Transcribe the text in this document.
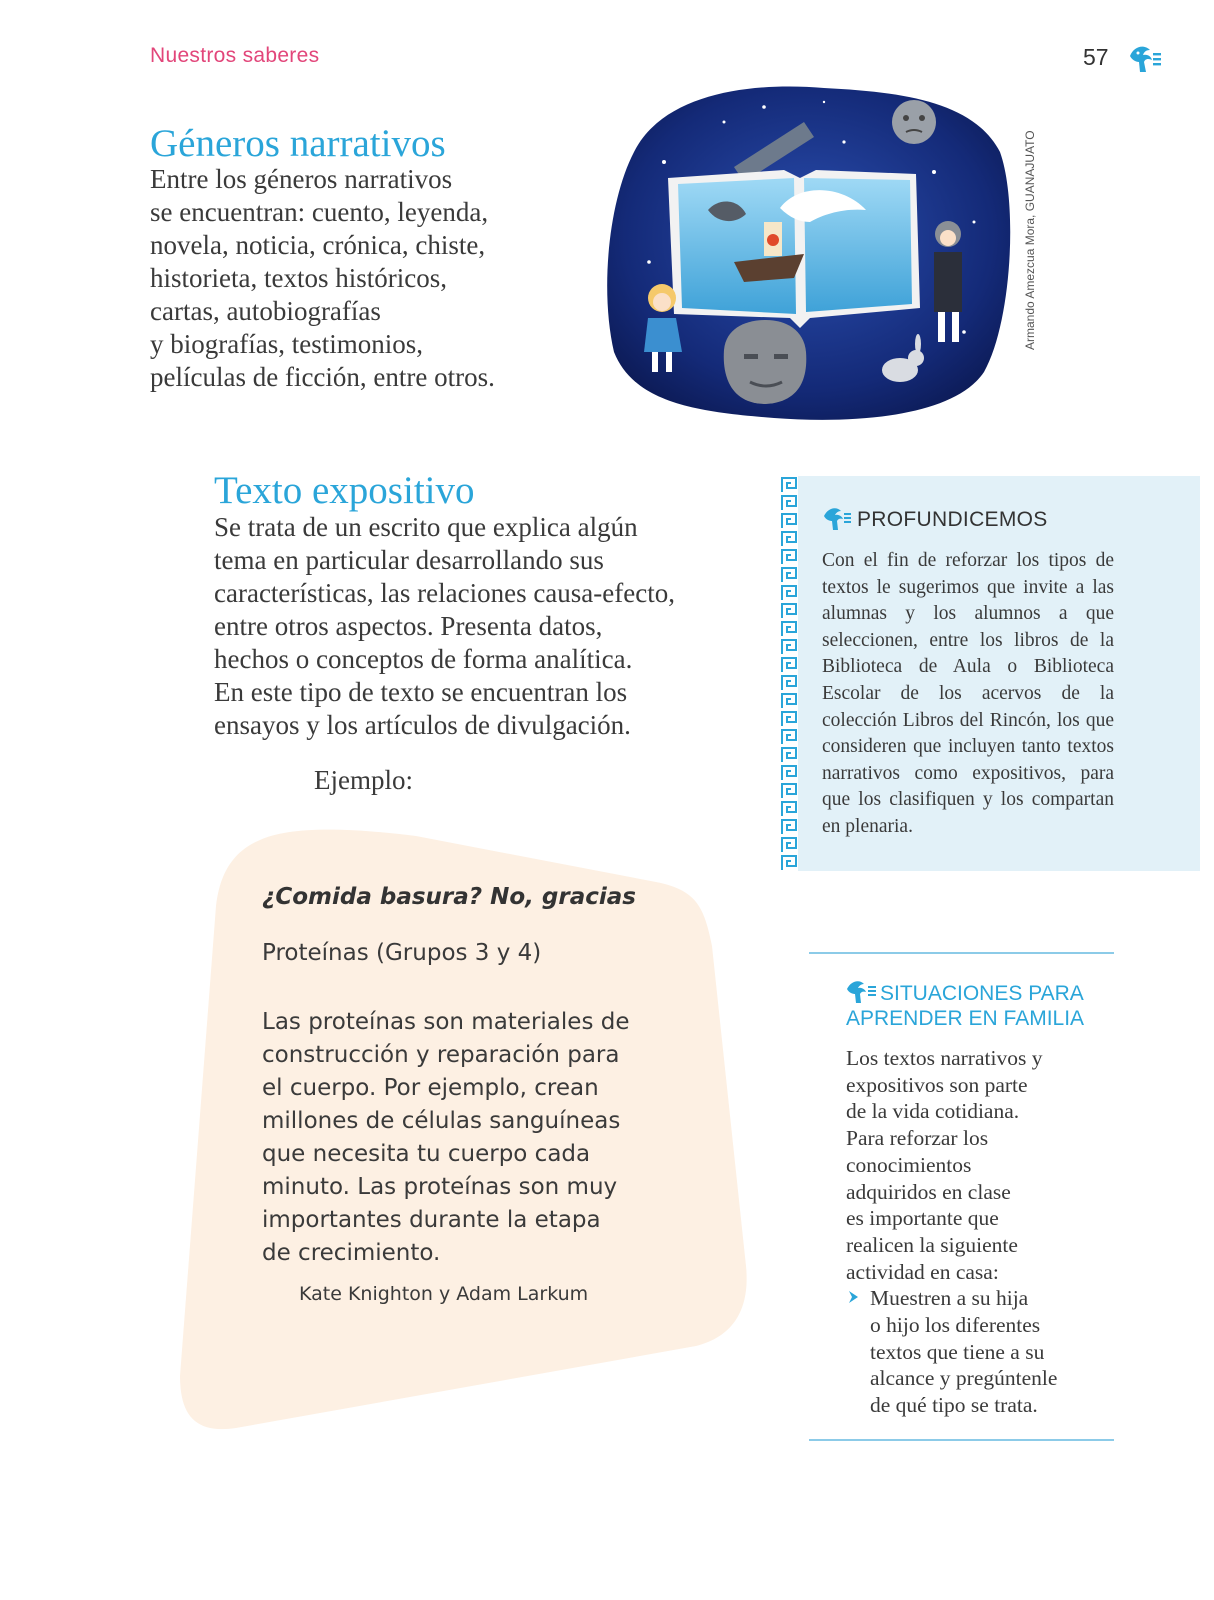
Nuestros saberes	57
Géneros narrativos
Entre los géneros narrativos
se encuentran: cuento, leyenda,
novela, noticia, crónica, chiste,
historieta, textos históricos,
cartas, autobiografías
y biografías, testimonios,
películas de ficción, entre otros.
Armando Amezcua Mora, GUANAJUATO
Texto expositivo
Se trata de un escrito que explica algún
tema en particular desarrollando sus
características, las relaciones causa-efecto,
entre otros aspectos. Presenta datos,
hechos o conceptos de forma analítica.
En este tipo de texto se encuentran los
ensayos y los artículos de divulgación.
Ejemplo:
¿Comida basura? No, gracias
Proteínas (Grupos 3 y 4)
Las proteínas son materiales de
construcción y reparación para
el cuerpo. Por ejemplo, crean
millones de células sanguíneas
que necesita tu cuerpo cada
minuto. Las proteínas son muy
importantes durante la etapa
de crecimiento.
Kate Knighton y Adam Larkum
PROFUNDICEMOS
Con el fin de reforzar los tipos de textos le sugerimos que invite a las alumnas y los alumnos a que seleccionen, entre los libros de la Biblioteca de Aula o Biblioteca Escolar de los acervos de la colección Libros del Rincón, los que consideren que incluyen tanto textos narrativos como expositivos, para que los clasifiquen y los compartan en plenaria.
SITUACIONES PARA APRENDER EN FAMILIA
Los textos narrativos y
expositivos son parte
de la vida cotidiana.
Para reforzar los
conocimientos
adquiridos en clase
es importante que
realicen la siguiente
actividad en casa:
Muestren a su hija
o hijo los diferentes
textos que tiene a su
alcance y pregúntenle
de qué tipo se trata.
